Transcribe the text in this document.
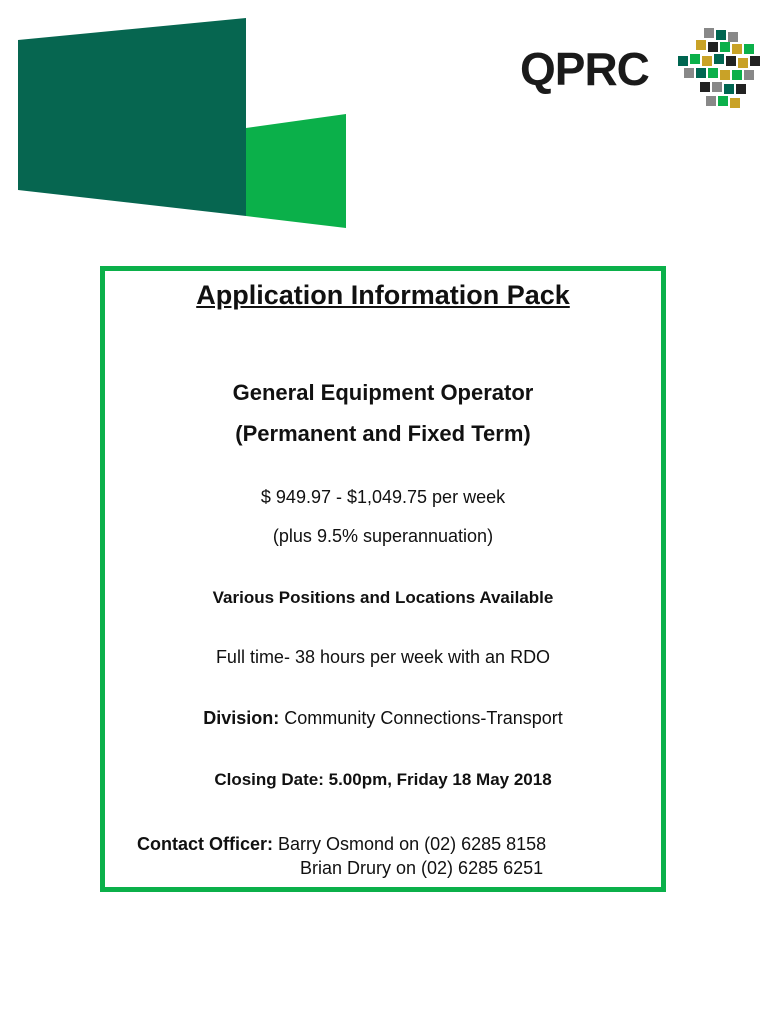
QPRC
Application Information Pack

General Equipment Operator

(Permanent and Fixed Term)

$ 949.97 - $1,049.75 per week

(plus 9.5% superannuation)

Various Positions and Locations Available

Full time- 38 hours per week with an RDO

Division: Community Connections-Transport

Closing Date: 5.00pm, Friday 18 May 2018

Contact Officer: Barry Osmond on (02) 6285 8158
Brian Drury on (02) 6285 6251
